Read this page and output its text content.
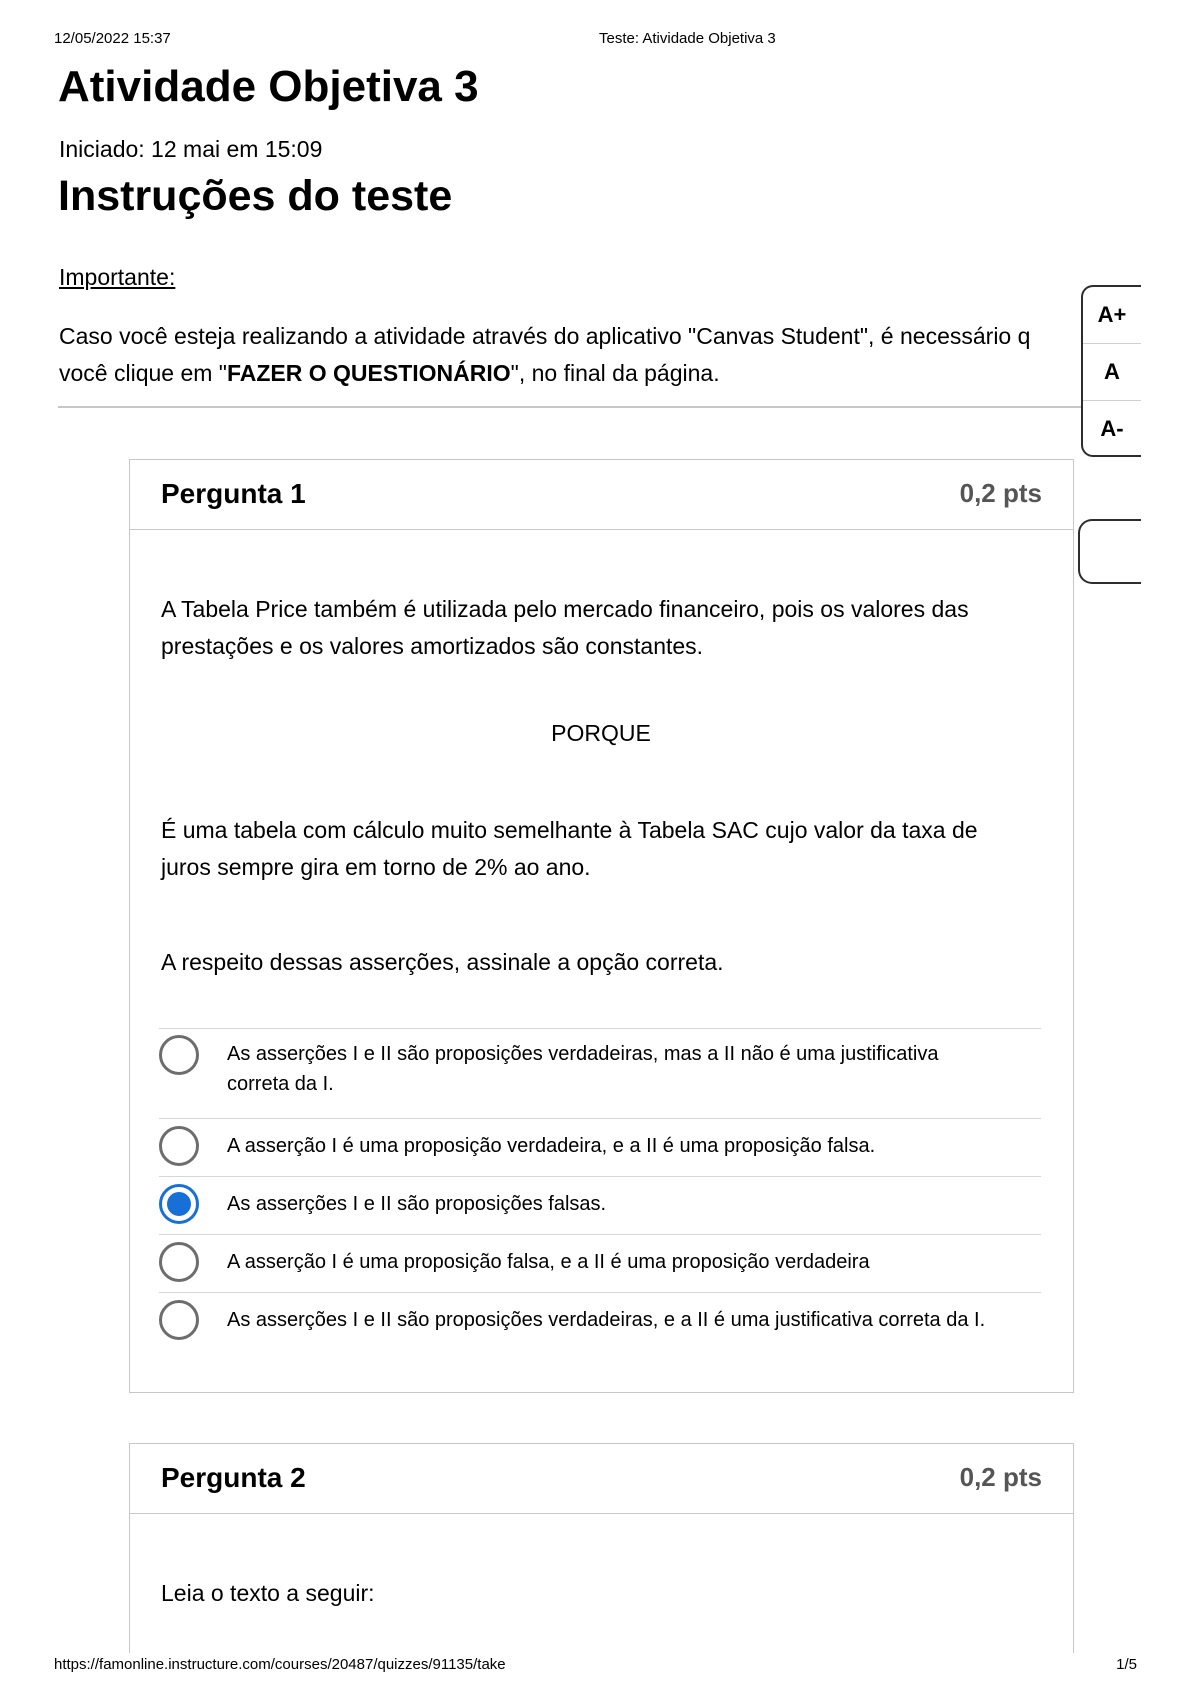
12/05/2022 15:37	Teste: Atividade Objetiva 3
Atividade Objetiva 3
Iniciado: 12 mai em 15:09
Instruções do teste
Importante:
Caso você esteja realizando a atividade através do aplicativo "Canvas Student", é necessário q
você clique em "FAZER O QUESTIONÁRIO", no final da página.
A+
A
A-
Pergunta 1	0,2 pts
A Tabela Price também é utilizada pelo mercado financeiro, pois os valores das
prestações e os valores amortizados são constantes.
PORQUE
É uma tabela com cálculo muito semelhante à Tabela SAC cujo valor da taxa de
juros sempre gira em torno de 2% ao ano.
A respeito dessas asserções, assinale a opção correta.
As asserções I e II são proposições verdadeiras, mas a II não é uma justificativa
correta da I.
A asserção I é uma proposição verdadeira, e a II é uma proposição falsa.
As asserções I e II são proposições falsas.
A asserção I é uma proposição falsa, e a II é uma proposição verdadeira
As asserções I e II são proposições verdadeiras, e a II é uma justificativa correta da I.
Pergunta 2	0,2 pts
Leia o texto a seguir:
https://famonline.instructure.com/courses/20487/quizzes/91135/take	1/5
